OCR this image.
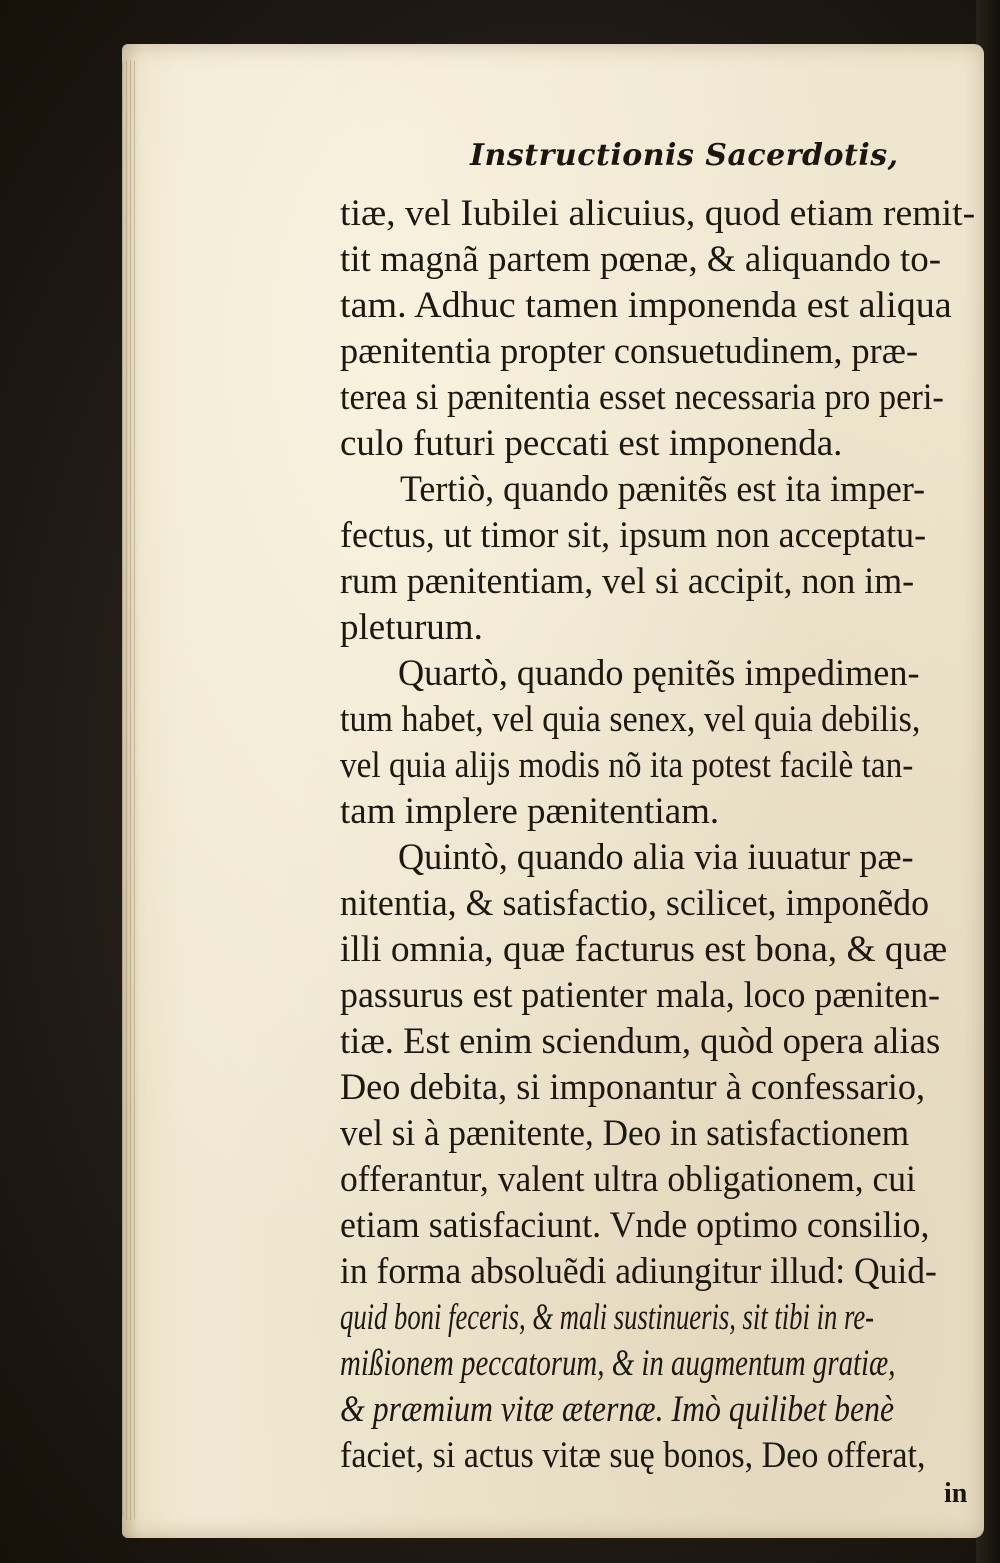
Instructionis Sacerdotis,
tiæ, vel Iubilei alicuius, quod etiam remit-
tit magnã partem pœnæ, & aliquando to-
tam. Adhuc tamen imponenda est aliqua
pænitentia propter consuetudinem, præ-
terea si pænitentia esset necessaria pro peri-
culo futuri peccati est imponenda.
Tertiò, quando pænitẽs est ita imper-
fectus, ut timor sit, ipsum non acceptatu-
rum pænitentiam, vel si accipit, non im-
pleturum.
Quartò, quando pęnitẽs impedimen-
tum habet, vel quia senex, vel quia debilis,
vel quia alijs modis nõ ita potest facilè tan-
tam implere pænitentiam.
Quintò, quando alia via iuuatur pæ-
nitentia, & satisfactio, scilicet, imponẽdo
illi omnia, quæ facturus est bona, & quæ
passurus est patienter mala, loco pæniten-
tiæ. Est enim sciendum, quòd opera alias
Deo debita, si imponantur à confessario,
vel si à pænitente, Deo in satisfactionem
offerantur, valent ultra obligationem, cui
etiam satisfaciunt. Vnde optimo consilio,
in forma absoluẽdi adiungitur illud: Quid-
quid boni feceris, & mali sustinueris, sit tibi in re-
mißionem peccatorum, & in augmentum gratiæ,
& præmium vitæ æternæ. Imò quilibet benè
faciet, si actus vitæ suę bonos, Deo offerat,
in
